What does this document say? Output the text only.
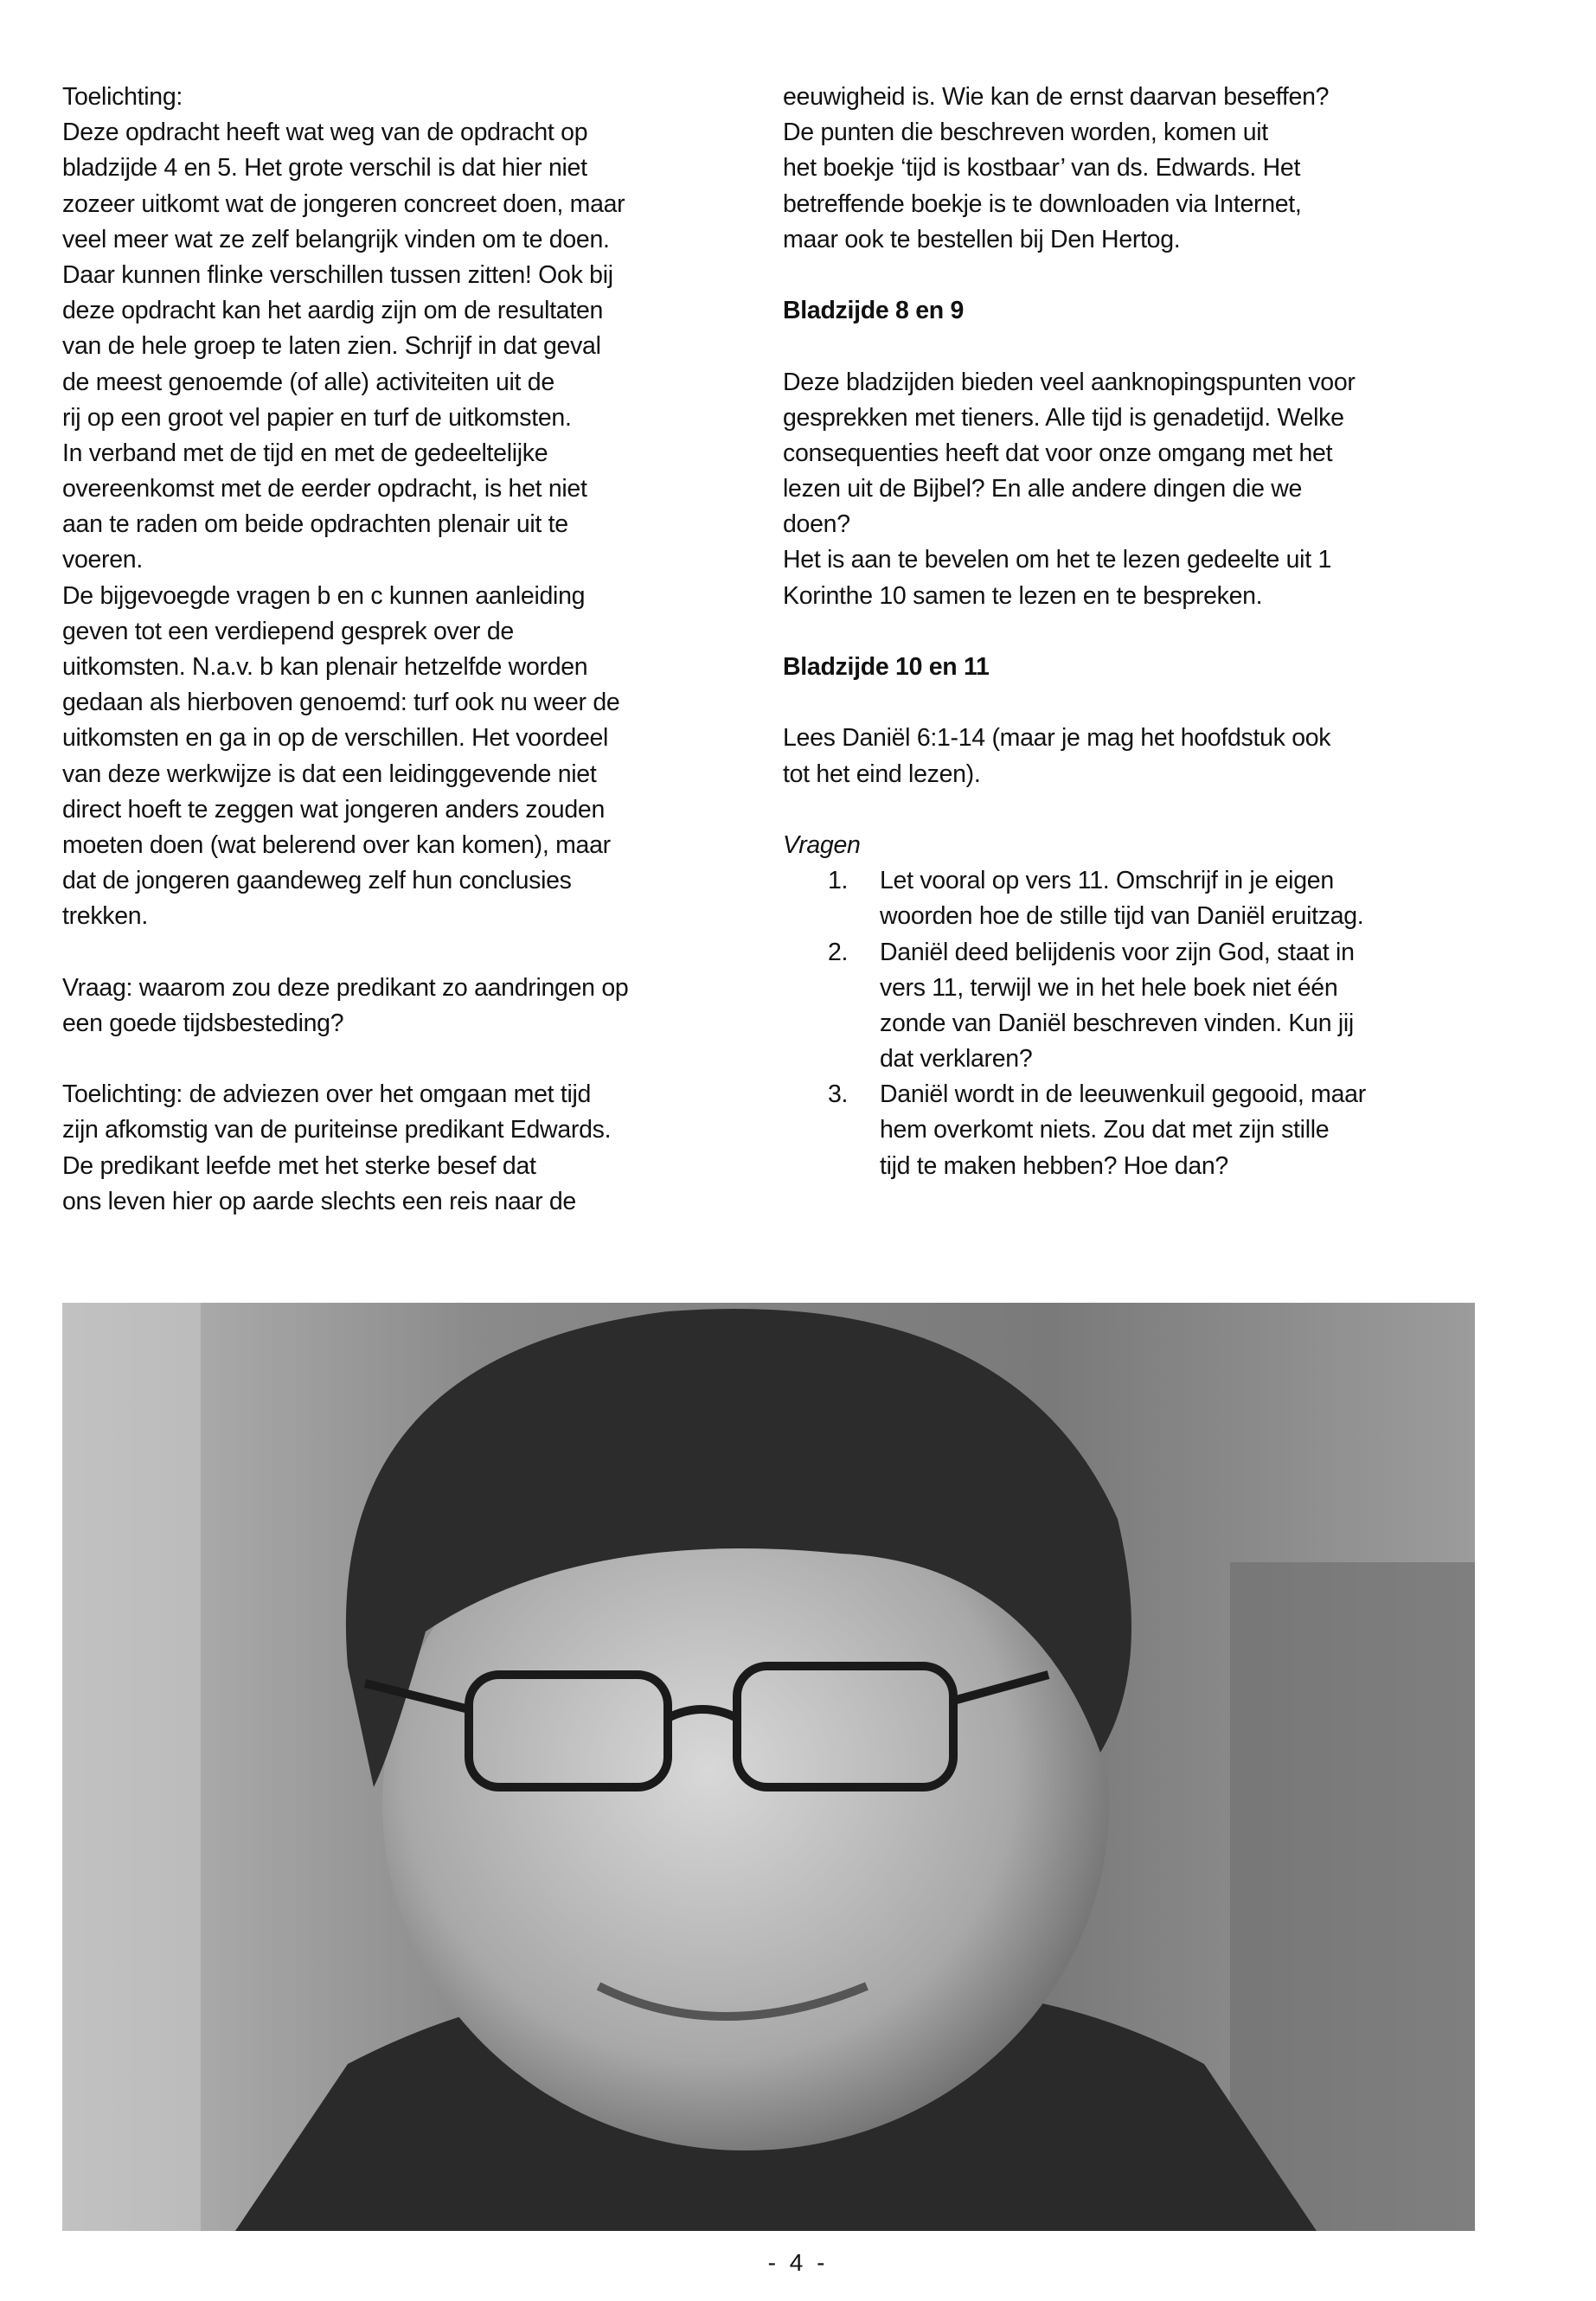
Toelichting:
Deze opdracht heeft wat weg van de opdracht op
bladzijde 4 en 5. Het grote verschil is dat hier niet
zozeer uitkomt wat de jongeren concreet doen, maar
veel meer wat ze zelf belangrijk vinden om te doen.
Daar kunnen flinke verschillen tussen zitten! Ook bij
deze opdracht kan het aardig zijn om de resultaten
van de hele groep te laten zien. Schrijf in dat geval
de meest genoemde (of alle) activiteiten uit de
rij op een groot vel papier en turf de uitkomsten.
In verband met de tijd en met de gedeeltelijke
overeenkomst met de eerder opdracht, is het niet
aan te raden om beide opdrachten plenair uit te
voeren.
De bijgevoegde vragen b en c kunnen aanleiding
geven tot een verdiepend gesprek over de
uitkomsten. N.a.v. b kan plenair hetzelfde worden
gedaan als hierboven genoemd: turf ook nu weer de
uitkomsten en ga in op de verschillen. Het voordeel
van deze werkwijze is dat een leidinggevende niet
direct hoeft te zeggen wat jongeren anders zouden
moeten doen (wat belerend over kan komen), maar
dat de jongeren gaandeweg zelf hun conclusies
trekken.
Vraag: waarom zou deze predikant zo aandringen op
een goede tijdsbesteding?
Toelichting: de adviezen over het omgaan met tijd
zijn afkomstig van de puriteinse predikant Edwards.
De predikant leefde met het sterke besef dat
ons leven hier op aarde slechts een reis naar de
eeuwigheid is. Wie kan de ernst daarvan beseffen?
De punten die beschreven worden, komen uit
het boekje ‘tijd is kostbaar’ van ds. Edwards. Het
betreffende boekje is te downloaden via Internet,
maar ook te bestellen bij Den Hertog.
Bladzijde 8 en 9
Deze bladzijden bieden veel aanknopingspunten voor
gesprekken met tieners. Alle tijd is genadetijd. Welke
consequenties heeft dat voor onze omgang met het
lezen uit de Bijbel? En alle andere dingen die we
doen?
Het is aan te bevelen om het te lezen gedeelte uit 1
Korinthe 10 samen te lezen en te bespreken.
Bladzijde 10 en 11
Lees Daniël 6:1-14 (maar je mag het hoofdstuk ook
tot het eind lezen).
Vragen
1. Let vooral op vers 11. Omschrijf in je eigen
woorden hoe de stille tijd van Daniël eruitzag.
2. Daniël deed belijdenis voor zijn God, staat in
vers 11, terwijl we in het hele boek niet één
zonde van Daniël beschreven vinden. Kun jij
dat verklaren?
3. Daniël wordt in de leeuwenkuil gegooid, maar
hem overkomt niets. Zou dat met zijn stille
tijd te maken hebben? Hoe dan?
- 4 -
